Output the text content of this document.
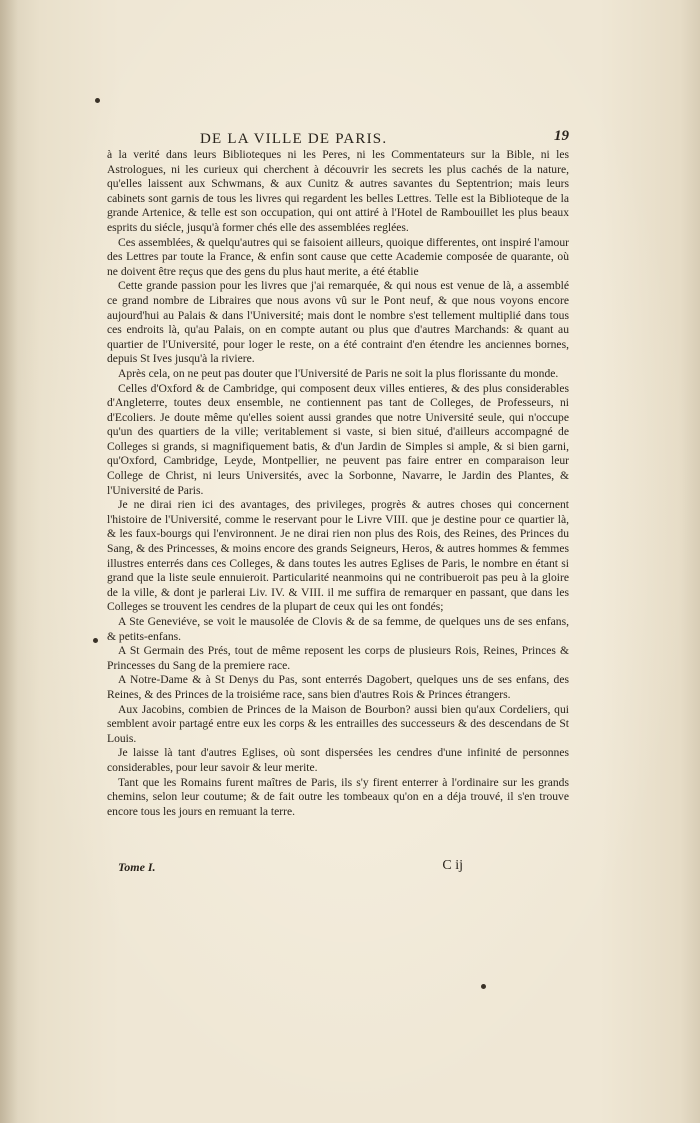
DE LA VILLE DE PARIS.	19

à la verité dans leurs Biblioteques ni les Peres, ni les Commentateurs sur la Bible, ni les Astrologues, ni les curieux qui cherchent à découvrir les secrets les plus cachés de la nature, qu'elles laissent aux Schwmans, & aux Cunitz & autres savantes du Septentrion; mais leurs cabinets sont garnis de tous les livres qui regardent les belles Lettres. Telle est la Biblioteque de la grande Artenice, & telle est son occupation, qui ont attiré à l'Hotel de Rambouillet les plus beaux esprits du siécle, jusqu'à former chés elle des assemblées reglées.

Ces assemblées, & quelqu'autres qui se faisoient ailleurs, quoique differentes, ont inspiré l'amour des Lettres par toute la France, & enfin sont cause que cette Academie composée de quarante, où ne doivent être reçus que des gens du plus haut merite, a été établie

Cette grande passion pour les livres que j'ai remarquée, & qui nous est venue de là, a assemblé ce grand nombre de Libraires que nous avons vû sur le Pont neuf, & que nous voyons encore aujourd'hui au Palais & dans l'Université; mais dont le nombre s'est tellement multiplié dans tous ces endroits là, qu'au Palais, on en compte autant ou plus que d'autres Marchands: & quant au quartier de l'Université, pour loger le reste, on a été contraint d'en étendre les anciennes bornes, depuis St Ives jusqu'à la riviere.

Après cela, on ne peut pas douter que l'Université de Paris ne soit la plus florissante du monde.

Celles d'Oxford & de Cambridge, qui composent deux villes entieres, & des plus considerables d'Angleterre, toutes deux ensemble, ne contiennent pas tant de Colleges, de Professeurs, ni d'Ecoliers. Je doute même qu'elles soient aussi grandes que notre Université seule, qui n'occupe qu'un des quartiers de la ville; veritablement si vaste, si bien situé, d'ailleurs accompagné de Colleges si grands, si magnifiquement batis, & d'un Jardin de Simples si ample, & si bien garni, qu'Oxford, Cambridge, Leyde, Montpellier, ne peuvent pas faire entrer en comparaison leur College de Christ, ni leurs Universités, avec la Sorbonne, Navarre, le Jardin des Plantes, & l'Université de Paris.

Je ne dirai rien ici des avantages, des privileges, progrès & autres choses qui concernent l'histoire de l'Université, comme le reservant pour le Livre VIII. que je destine pour ce quartier là, & les faux-bourgs qui l'environnent. Je ne dirai rien non plus des Rois, des Reines, des Princes du Sang, & des Princesses, & moins encore des grands Seigneurs, Heros, & autres hommes & femmes illustres enterrés dans ces Colleges, & dans toutes les autres Eglises de Paris, le nombre en étant si grand que la liste seule ennuieroit. Particularité neanmoins qui ne contribueroit pas peu à la gloire de la ville, & dont je parlerai Liv. IV. & VIII. il me suffira de remarquer en passant, que dans les Colleges se trouvent les cendres de la plupart de ceux qui les ont fondés;

A Ste Geneviéve, se voit le mausolée de Clovis & de sa femme, de quelques uns de ses enfans, & petits-enfans.

A St Germain des Prés, tout de même reposent les corps de plusieurs Rois, Reines, Princes & Princesses du Sang de la premiere race.

A Notre-Dame & à St Denys du Pas, sont enterrés Dagobert, quelques uns de ses enfans, des Reines, & des Princes de la troisiéme race, sans bien d'autres Rois & Princes étrangers.

Aux Jacobins, combien de Princes de la Maison de Bourbon? aussi bien qu'aux Cordeliers, qui semblent avoir partagé entre eux les corps & les entrailles des successeurs & des descendans de St Louis.

Je laisse là tant d'autres Eglises, où sont dispersées les cendres d'une infinité de personnes considerables, pour leur savoir & leur merite.

Tant que les Romains furent maîtres de Paris, ils s'y firent enterrer à l'ordinaire sur les grands chemins, selon leur coutume; & de fait outre les tombeaux qu'on en a déja trouvé, il s'en trouve encore tous les jours en remuant la terre.

Tome I.	C ij
